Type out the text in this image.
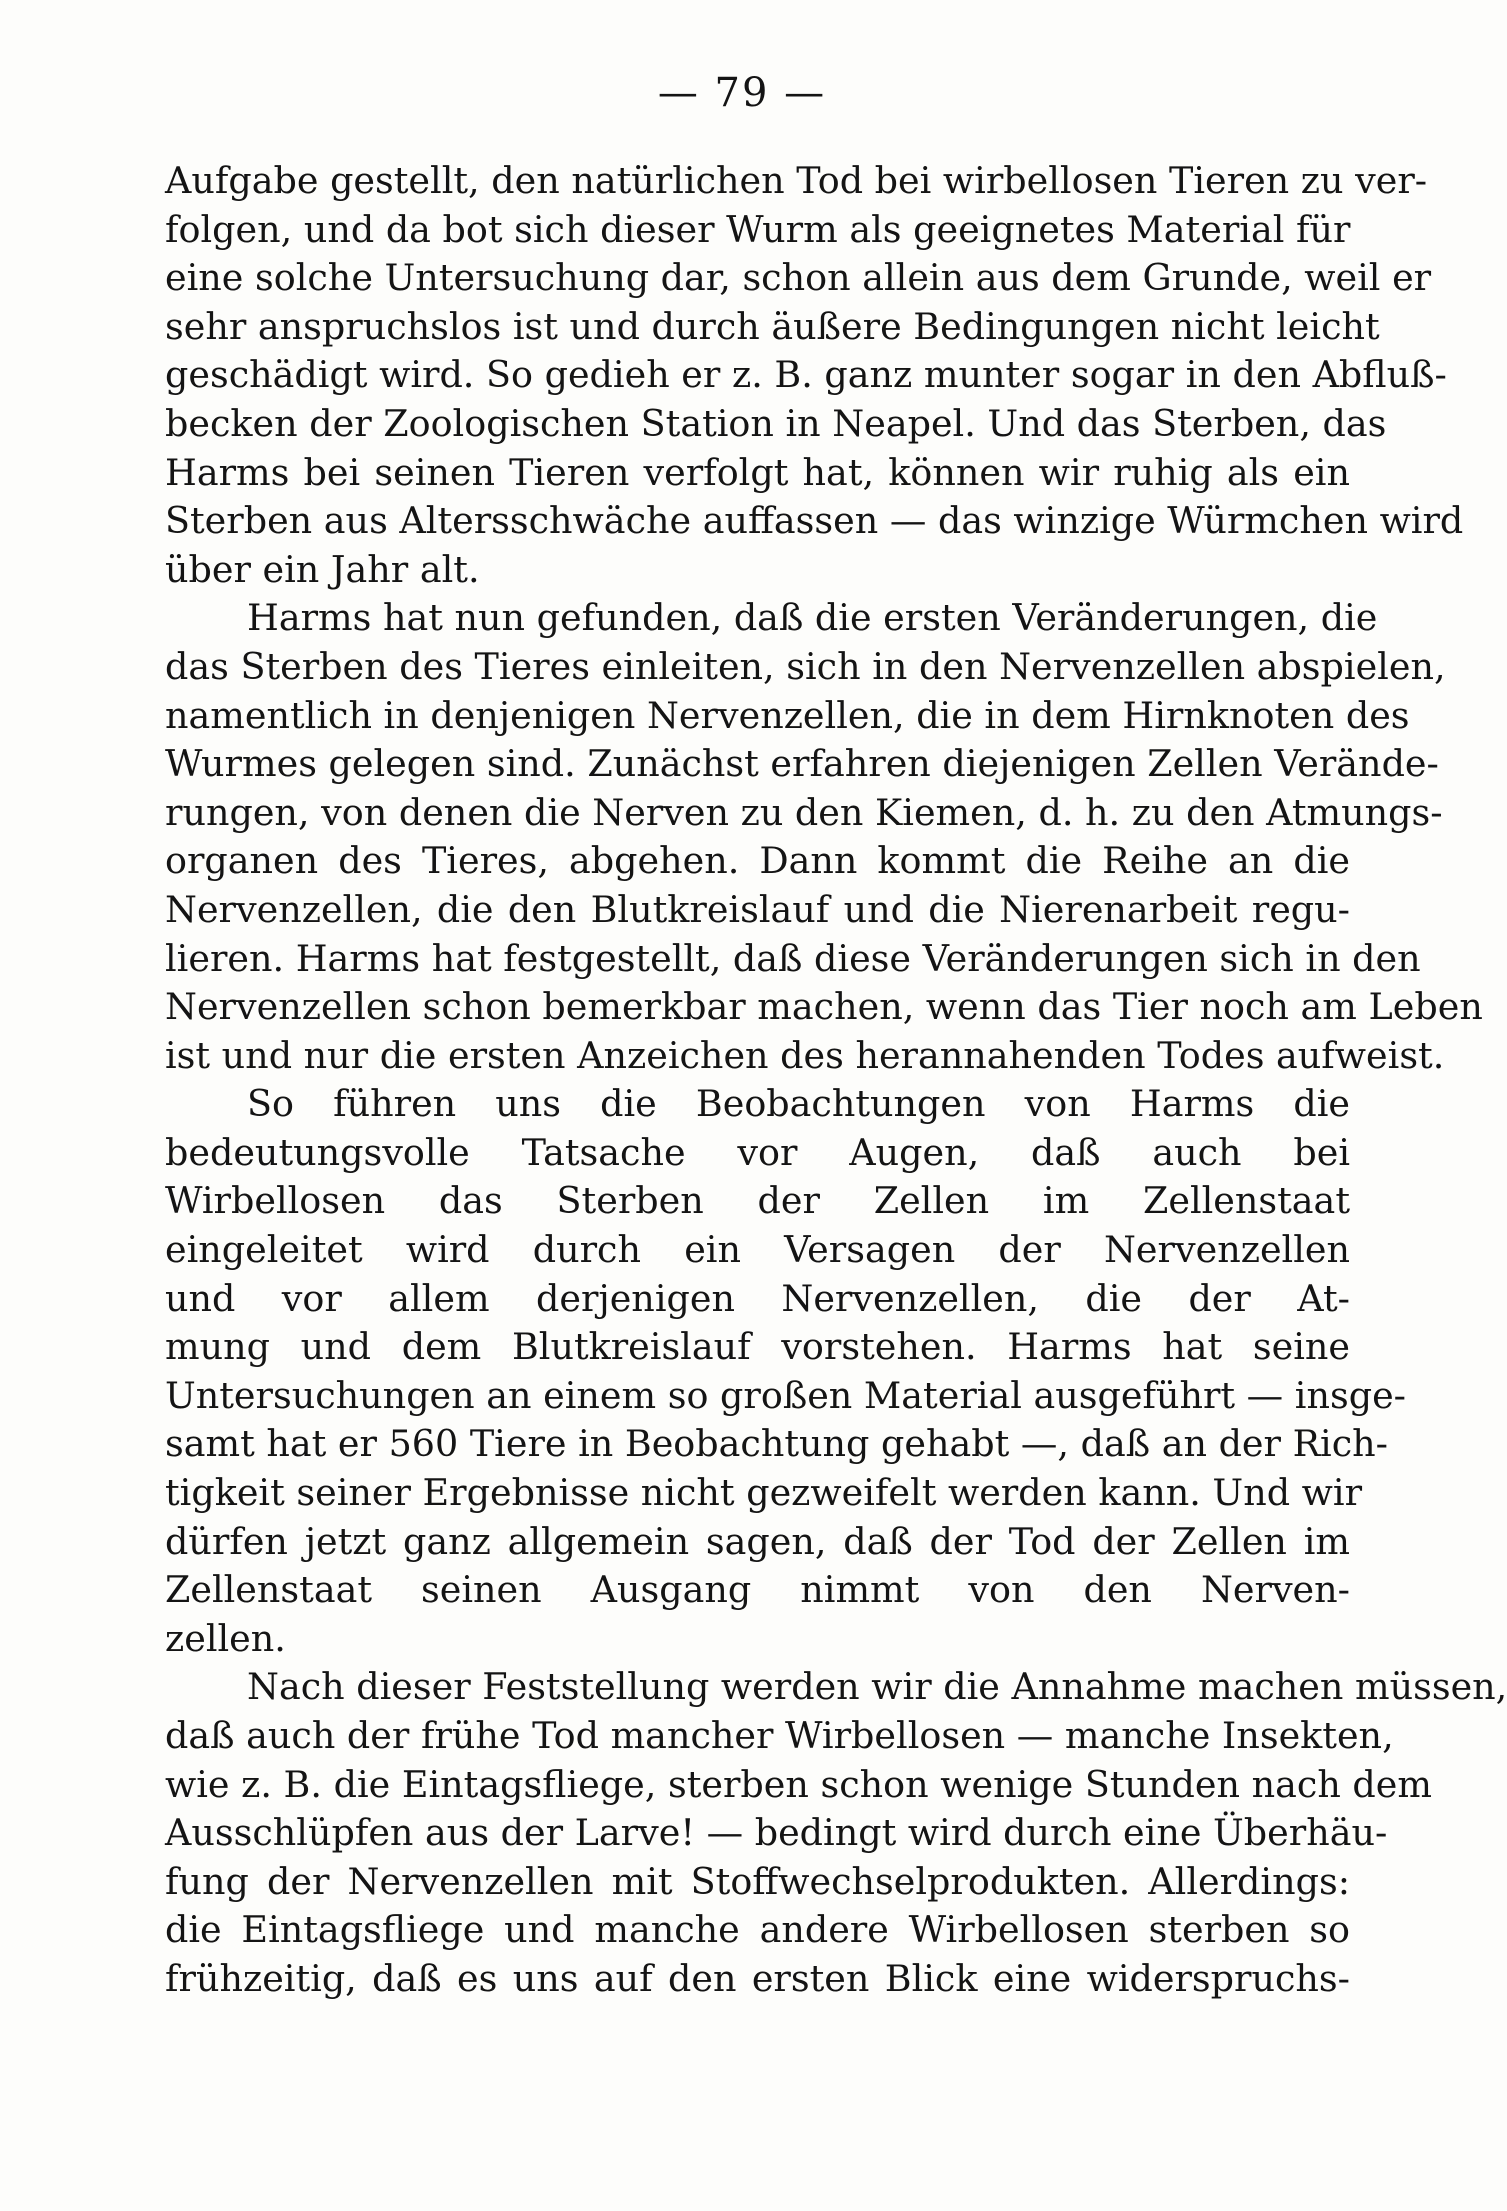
— 79 —
Aufgabe gestellt, den natürlichen Tod bei wirbellosen Tieren zu ver-
folgen, und da bot sich dieser Wurm als geeignetes Material für
eine solche Untersuchung dar, schon allein aus dem Grunde, weil er
sehr anspruchslos ist und durch äußere Bedingungen nicht leicht
geschädigt wird. So gedieh er z. B. ganz munter sogar in den Abfluß-
becken der Zoologischen Station in Neapel. Und das Sterben, das
Harms bei seinen Tieren verfolgt hat, können wir ruhig als ein
Sterben aus Altersschwäche auffassen — das winzige Würmchen wird
über ein Jahr alt.
Harms hat nun gefunden, daß die ersten Veränderungen, die
das Sterben des Tieres einleiten, sich in den Nervenzellen abspielen,
namentlich in denjenigen Nervenzellen, die in dem Hirnknoten des
Wurmes gelegen sind. Zunächst erfahren diejenigen Zellen Verände-
rungen, von denen die Nerven zu den Kiemen, d. h. zu den Atmungs-
organen des Tieres, abgehen. Dann kommt die Reihe an die
Nervenzellen, die den Blutkreislauf und die Nierenarbeit regu-
lieren. Harms hat festgestellt, daß diese Veränderungen sich in den
Nervenzellen schon bemerkbar machen, wenn das Tier noch am Leben
ist und nur die ersten Anzeichen des herannahenden Todes aufweist.
So führen uns die Beobachtungen von Harms die
bedeutungsvolle Tatsache vor Augen, daß auch bei
Wirbellosen das Sterben der Zellen im Zellenstaat
eingeleitet wird durch ein Versagen der Nervenzellen
und vor allem derjenigen Nervenzellen, die der At-
mung und dem Blutkreislauf vorstehen. Harms hat seine
Untersuchungen an einem so großen Material ausgeführt — insge-
samt hat er 560 Tiere in Beobachtung gehabt —, daß an der Rich-
tigkeit seiner Ergebnisse nicht gezweifelt werden kann. Und wir
dürfen jetzt ganz allgemein sagen, daß der Tod der Zellen im
Zellenstaat seinen Ausgang nimmt von den Nerven-
zellen.
Nach dieser Feststellung werden wir die Annahme machen müssen,
daß auch der frühe Tod mancher Wirbellosen — manche Insekten,
wie z. B. die Eintagsfliege, sterben schon wenige Stunden nach dem
Ausschlüpfen aus der Larve! — bedingt wird durch eine Überhäu-
fung der Nervenzellen mit Stoffwechselprodukten. Allerdings:
die Eintagsfliege und manche andere Wirbellosen sterben so
frühzeitig, daß es uns auf den ersten Blick eine widerspruchs-
